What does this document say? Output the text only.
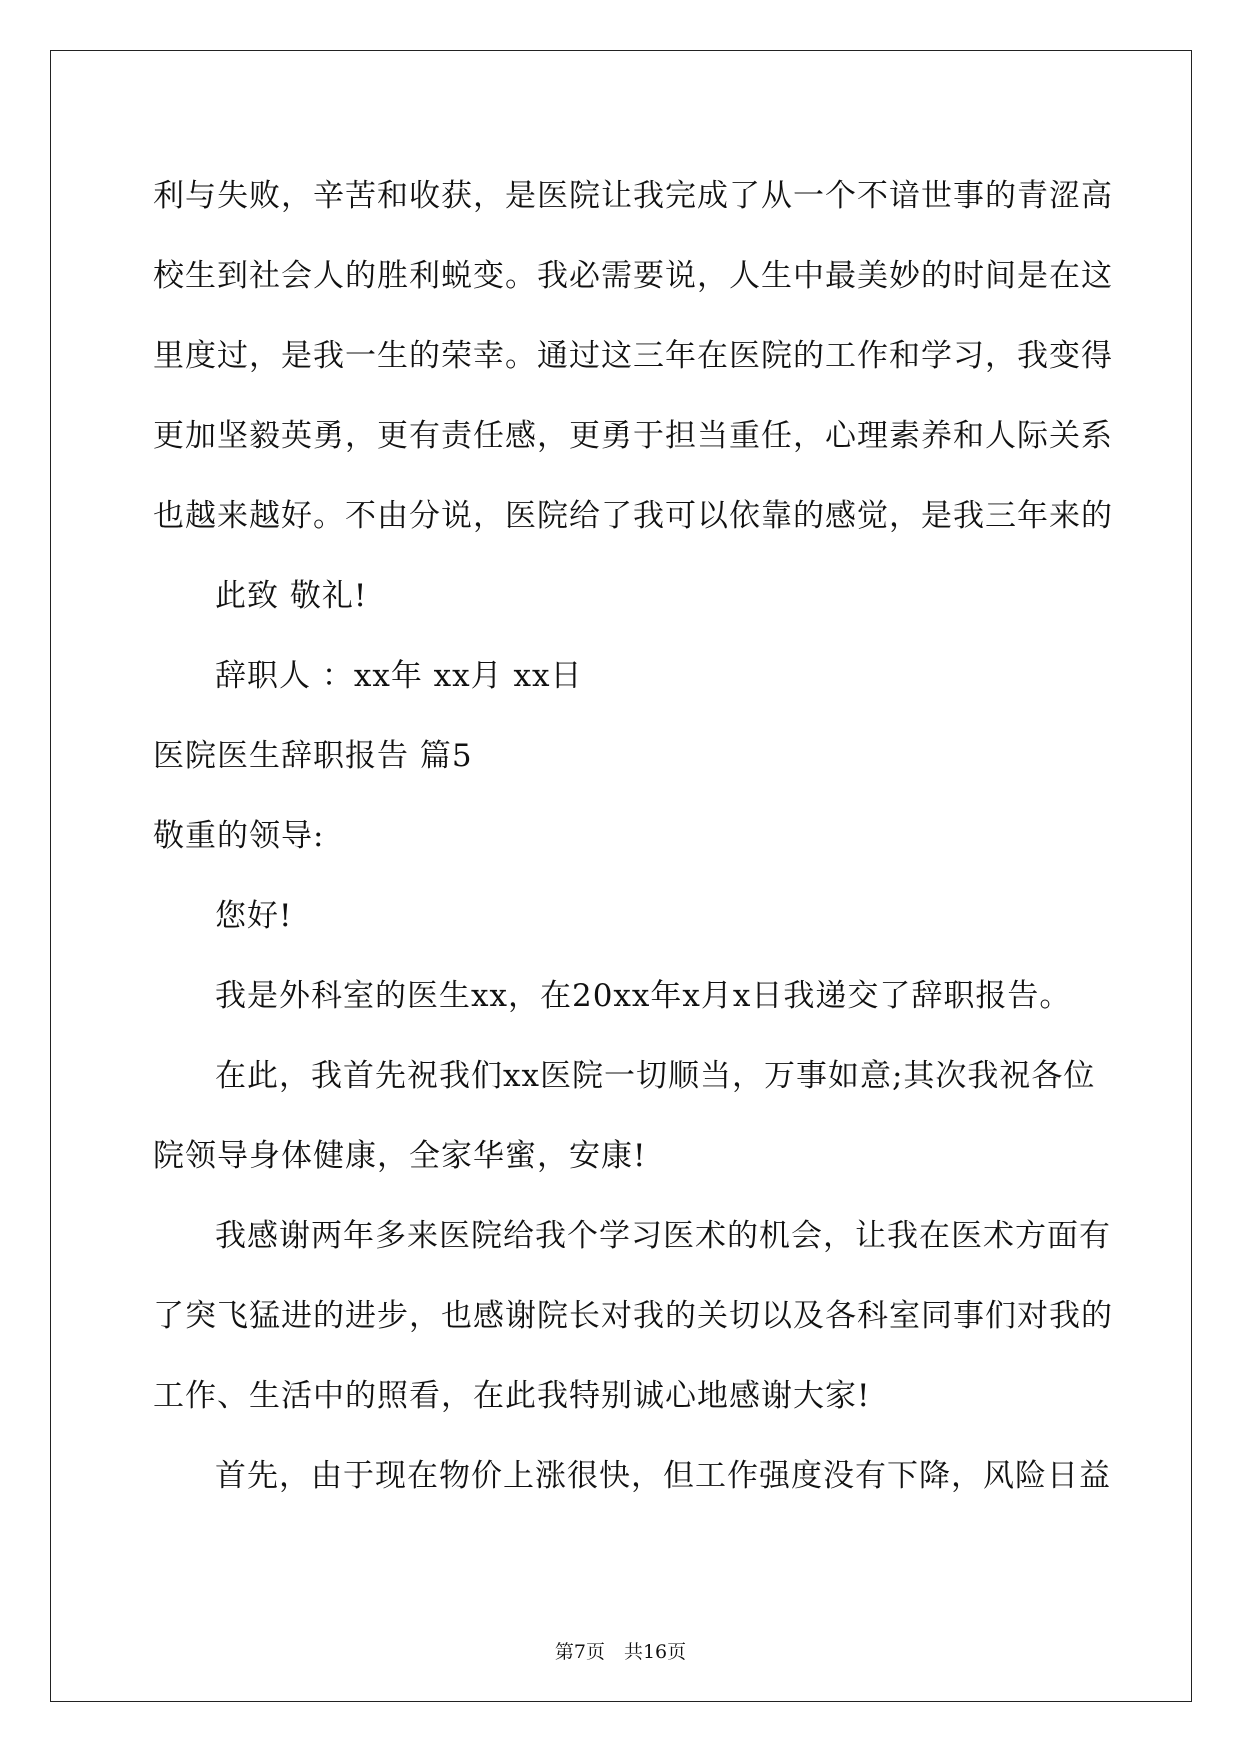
利与失败，辛苦和收获，是医院让我完成了从一个不谙世事的青涩高
校生到社会人的胜利蜕变。我必需要说，人生中最美妙的时间是在这
里度过，是我一生的荣幸。通过这三年在医院的工作和学习，我变得
更加坚毅英勇，更有责任感，更勇于担当重任，心理素养和人际关系
也越来越好。不由分说，医院给了我可以依靠的感觉，是我三年来的
此致 敬礼!
辞职人 ：xx年 xx月 xx日
医院医生辞职报告 篇5
敬重的领导:
您好!
我是外科室的医生xx，在20xx年x月x日我递交了辞职报告。
在此，我首先祝我们xx医院一切顺当，万事如意;其次我祝各位
院领导身体健康，全家华蜜，安康!
我感谢两年多来医院给我个学习医术的机会，让我在医术方面有
了突飞猛进的进步，也感谢院长对我的关切以及各科室同事们对我的
工作、生活中的照看，在此我特别诚心地感谢大家!
首先，由于现在物价上涨很快，但工作强度没有下降，风险日益
第7页　共16页
